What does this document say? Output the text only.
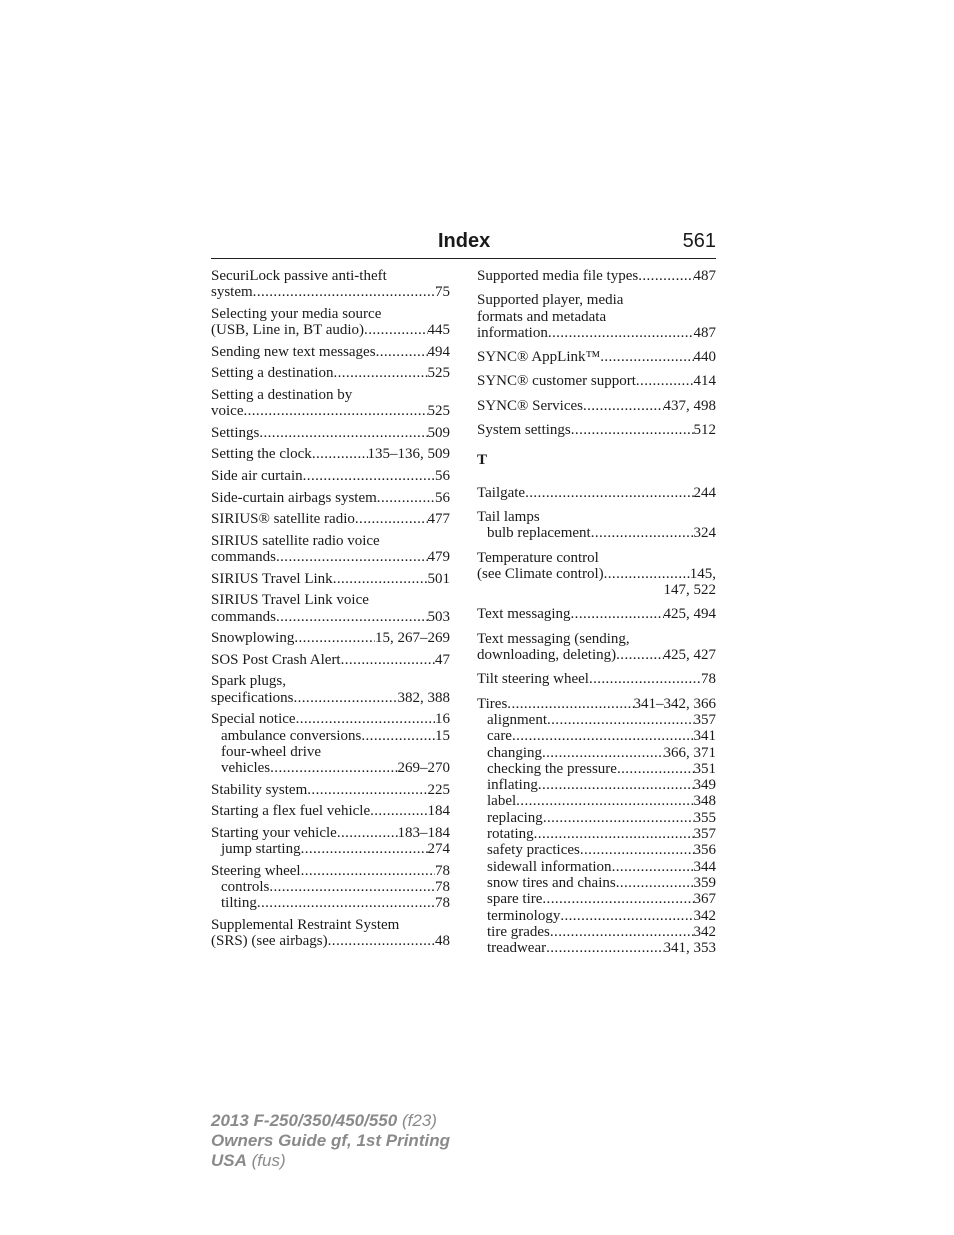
Index	561
SecuriLock passive anti-theft
system .....	75
Selecting your media source
(USB, Line in, BT audio) .....	445
Sending new text messages .....	494
Setting a destination .....	525
Setting a destination by
voice .....	525
Settings .....	509
Setting the clock .....	135–136, 509
Side air curtain .....	56
Side-curtain airbags system .....	56
SIRIUS® satellite radio .....	477
SIRIUS satellite radio voice
commands .....	479
SIRIUS Travel Link .....	501
SIRIUS Travel Link voice
commands .....	503
Snowplowing .....	15, 267–269
SOS Post Crash Alert .....	47
Spark plugs,
specifications .....	382, 388
Special notice .....	16
ambulance conversions .....	15
four-wheel drive
vehicles .....	269–270
Stability system .....	225
Starting a flex fuel vehicle .....	184
Starting your vehicle .....	183–184
jump starting .....	274
Steering wheel .....	78
controls .....	78
tilting .....	78
Supplemental Restraint System
(SRS) (see airbags) .....	48
Supported media file types .....	487
Supported player, media
formats and metadata
information .....	487
SYNC® AppLink™ .....	440
SYNC® customer support .....	414
SYNC® Services .....	437, 498
System settings .....	512
T
Tailgate .....	244
Tail lamps
bulb replacement .....	324
Temperature control
(see Climate control) .....	145,
147, 522
Text messaging .....	425, 494
Text messaging (sending,
downloading, deleting) .....	425, 427
Tilt steering wheel .....	78
Tires .....	341–342, 366
alignment .....	357
care .....	341
changing .....	366, 371
checking the pressure .....	351
inflating .....	349
label .....	348
replacing .....	355
rotating .....	357
safety practices .....	356
sidewall information .....	344
snow tires and chains .....	359
spare tire .....	367
terminology .....	342
tire grades .....	342
treadwear .....	341, 353
2013 F-250/350/450/550 (f23)
Owners Guide gf, 1st Printing
USA (fus)
